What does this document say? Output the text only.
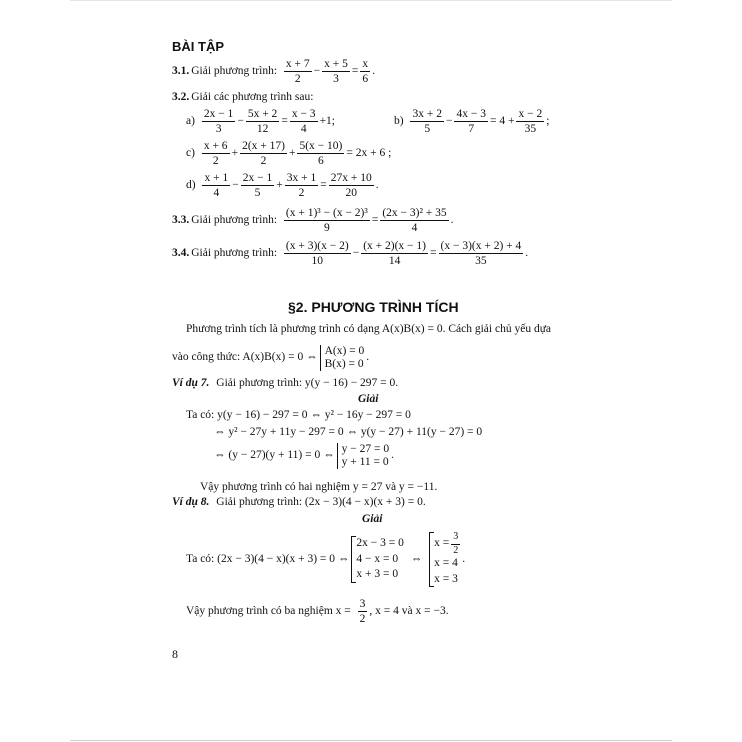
BÀI TẬP
3.1. Giải phương trình:
$\frac{x + 7}{2} - \frac{x + 5}{3} = \frac{x}{6}$ .
3.2. Giải các phương trình sau:
a)
$\frac{2x - 1}{3} - \frac{5x + 2}{12} = \frac{x - 3}{4} +1$;	b)
$\frac{3x + 2}{5} - \frac{4x - 3}{7} = 4 + \frac{x - 2}{35}$ ;
c)
$\frac{x + 6}{2} + \frac{2(x + 17)}{2} + \frac{5(x - 10)}{6} = 2x + 6$ ;
d)
$\frac{x + 1}{4} - \frac{2x - 1}{5} + \frac{3x + 1}{2} = \frac{27x + 10}{20}$ .
3.3. Giải phương trình:
$\frac{\text{(x + 1)³ − (x − 2)³}}{9} = \frac{\text{(2x − 3)² + 35}}{4}$ .
3.4. Giải phương trình:
$\frac{(x + 3)(x - 2)}{10} - \frac{(x + 2)(x - 1)}{14} = \frac{(x - 3)(x + 2) + 4}{35}$ .
§2. PHƯƠNG TRÌNH TÍCH
Phương trình tích là phương trình có dạng A(x)B(x) = 0. Cách giải chủ yếu dựa
vào công thức: A(x)B(x) = 0 ⇔
A(x) = 0
B(x) = 0
.
Ví dụ 7.
Giải phương trình: y(y − 16) − 297 = 0.
Giải
Ta có: y(y − 16) − 297 = 0 ⇔ y² − 16y − 297 = 0
⇔ y² − 27y + 11y − 297 = 0 ⇔ y(y − 27) + 11(y − 27) = 0
⇔ (y − 27)(y + 11) = 0 ⇔
y − 27 = 0
y + 11 = 0
.
Vậy phương trình có hai nghiệm y = 27 và y = −11.
Ví dụ 8.
Giải phương trình: (2x − 3)(4 − x)(x + 3) = 0.
Giải
Ta có: (2x − 3)(4 − x)(x + 3) = 0 ⇔
2x − 3 = 0
4 − x = 0
x + 3 = 0

⇔

$x = \frac{3}{2}$
x = 4
x = 3
.
Vậy phương trình có ba nghiệm x =
$\frac{3}{2}$ , x = 4 và x = −3.
8
